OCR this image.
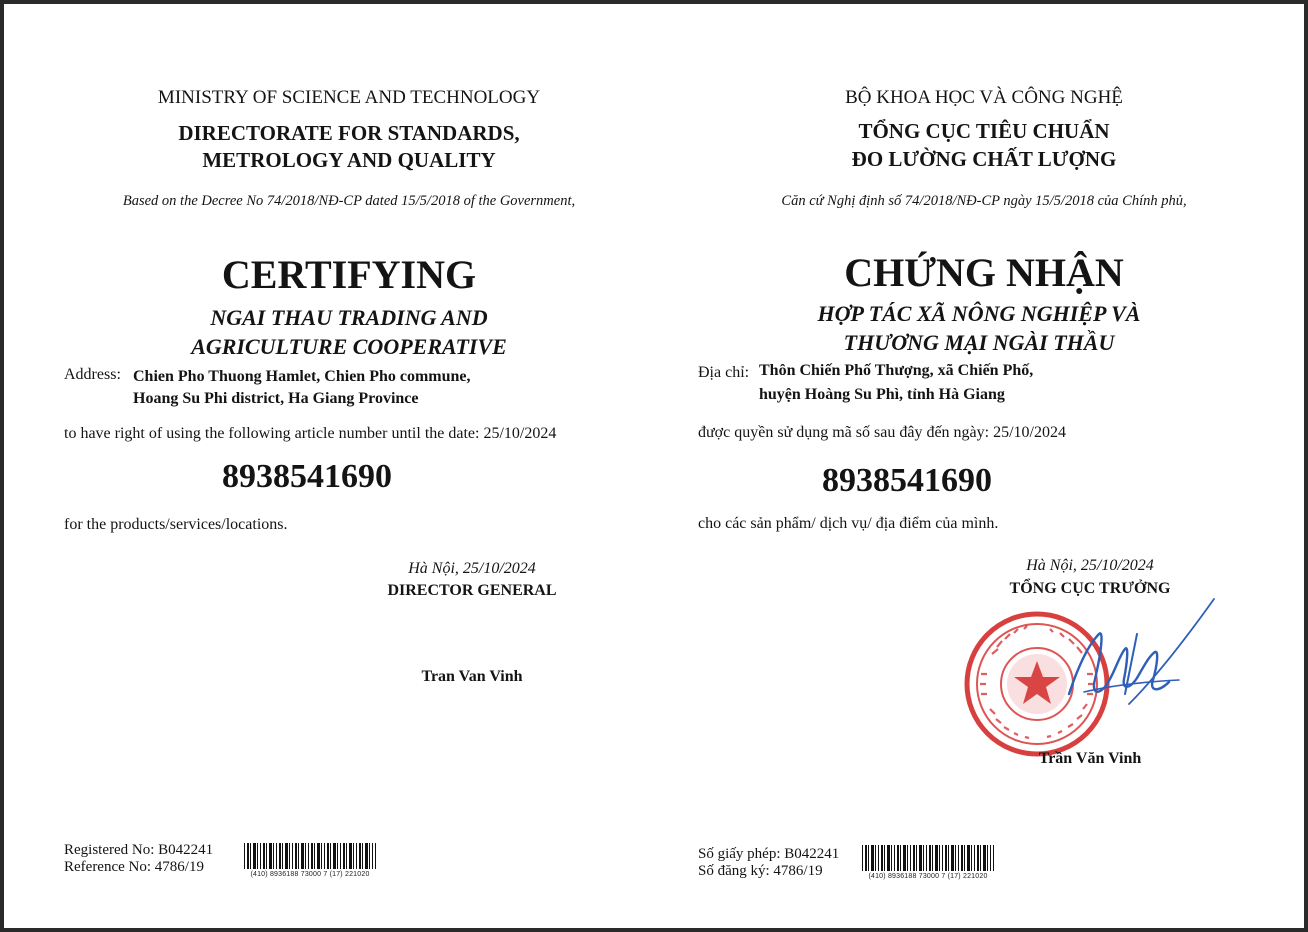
MINISTRY OF SCIENCE AND TECHNOLOGY
DIRECTORATE FOR STANDARDS,
METROLOGY AND QUALITY
Based on the Decree No 74/2018/NĐ-CP dated 15/5/2018 of the Government,
CERTIFYING
NGAI THAU TRADING AND
AGRICULTURE COOPERATIVE
Address: Chien Pho Thuong Hamlet, Chien Pho commune,
Hoang Su Phi district, Ha Giang Province
to have right of using the following article number until the date: 25/10/2024
8938541690
for the products/services/locations.
Hà Nội, 25/10/2024
DIRECTOR GENERAL
Tran Van Vinh
Registered No: B042241
Reference No: 4786/19	(410) 8936188 73000 7 (17) 221020
BỘ KHOA HỌC VÀ CÔNG NGHỆ
TỔNG CỤC TIÊU CHUẨN
ĐO LƯỜNG CHẤT LƯỢNG
Căn cứ Nghị định số 74/2018/NĐ-CP ngày 15/5/2018 của Chính phủ,
CHỨNG NHẬN
HỢP TÁC XÃ NÔNG NGHIỆP VÀ
THƯƠNG MẠI NGÀI THẦU
Địa chỉ: Thôn Chiến Phố Thượng, xã Chiến Phố,
huyện Hoàng Su Phì, tỉnh Hà Giang
được quyền sử dụng mã số sau đây đến ngày: 25/10/2024
8938541690
cho các sản phẩm/ dịch vụ/ địa điểm của mình.
Hà Nội, 25/10/2024
TỔNG CỤC TRƯỞNG
Trần Văn Vinh
Số giấy phép: B042241
Số đăng ký: 4786/19	(410) 8936188 73000 7 (17) 221020
